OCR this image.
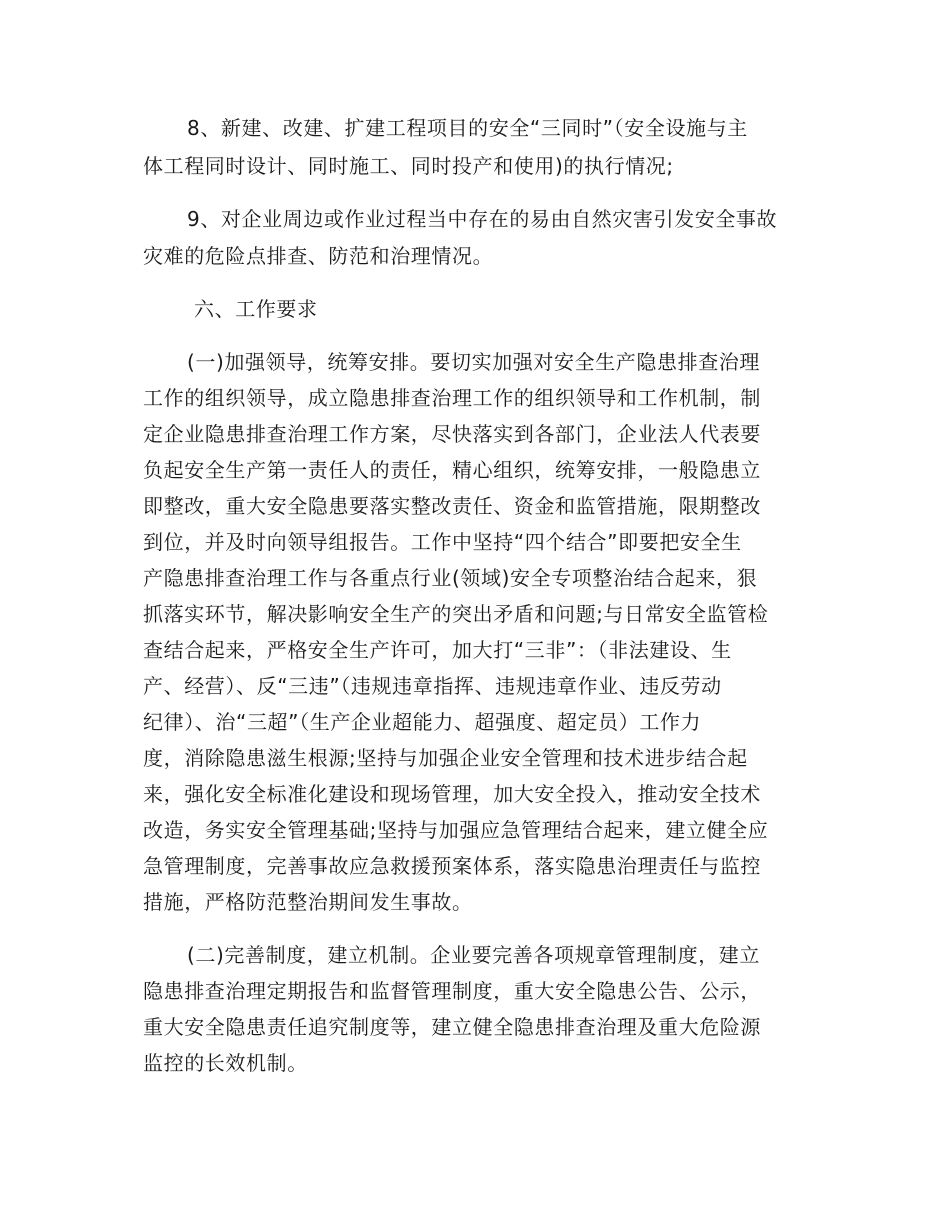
8、新建、改建、扩建工程项目的安全“三同时”（安全设施与主
体工程同时设计、同时施工、同时投产和使用)的执行情况;
9、对企业周边或作业过程当中存在的易由自然灾害引发安全事故
灾难的危险点排查、防范和治理情况。
六、工作要求
(一)加强领导，统筹安排。要切实加强对安全生产隐患排查治理
工作的组织领导，成立隐患排查治理工作的组织领导和工作机制，制
定企业隐患排查治理工作方案，尽快落实到各部门，企业法人代表要
负起安全生产第一责任人的责任，精心组织，统筹安排，一般隐患立
即整改，重大安全隐患要落实整改责任、资金和监管措施，限期整改
到位，并及时向领导组报告。工作中坚持“四个结合”即要把安全生
产隐患排查治理工作与各重点行业(领域)安全专项整治结合起来，狠
抓落实环节，解决影响安全生产的突出矛盾和问题;与日常安全监管检
查结合起来，严格安全生产许可，加大打“三非”：（非法建设、生
产、经营）、反“三违”（违规违章指挥、违规违章作业、违反劳动
纪律）、治“三超”（生产企业超能力、超强度、超定员）工作力
度，消除隐患滋生根源;坚持与加强企业安全管理和技术进步结合起
来，强化安全标准化建设和现场管理，加大安全投入，推动安全技术
改造，务实安全管理基础;坚持与加强应急管理结合起来，建立健全应
急管理制度，完善事故应急救援预案体系，落实隐患治理责任与监控
措施，严格防范整治期间发生事故。
(二)完善制度，建立机制。企业要完善各项规章管理制度，建立
隐患排查治理定期报告和监督管理制度，重大安全隐患公告、公示，
重大安全隐患责任追究制度等，建立健全隐患排查治理及重大危险源
监控的长效机制。
